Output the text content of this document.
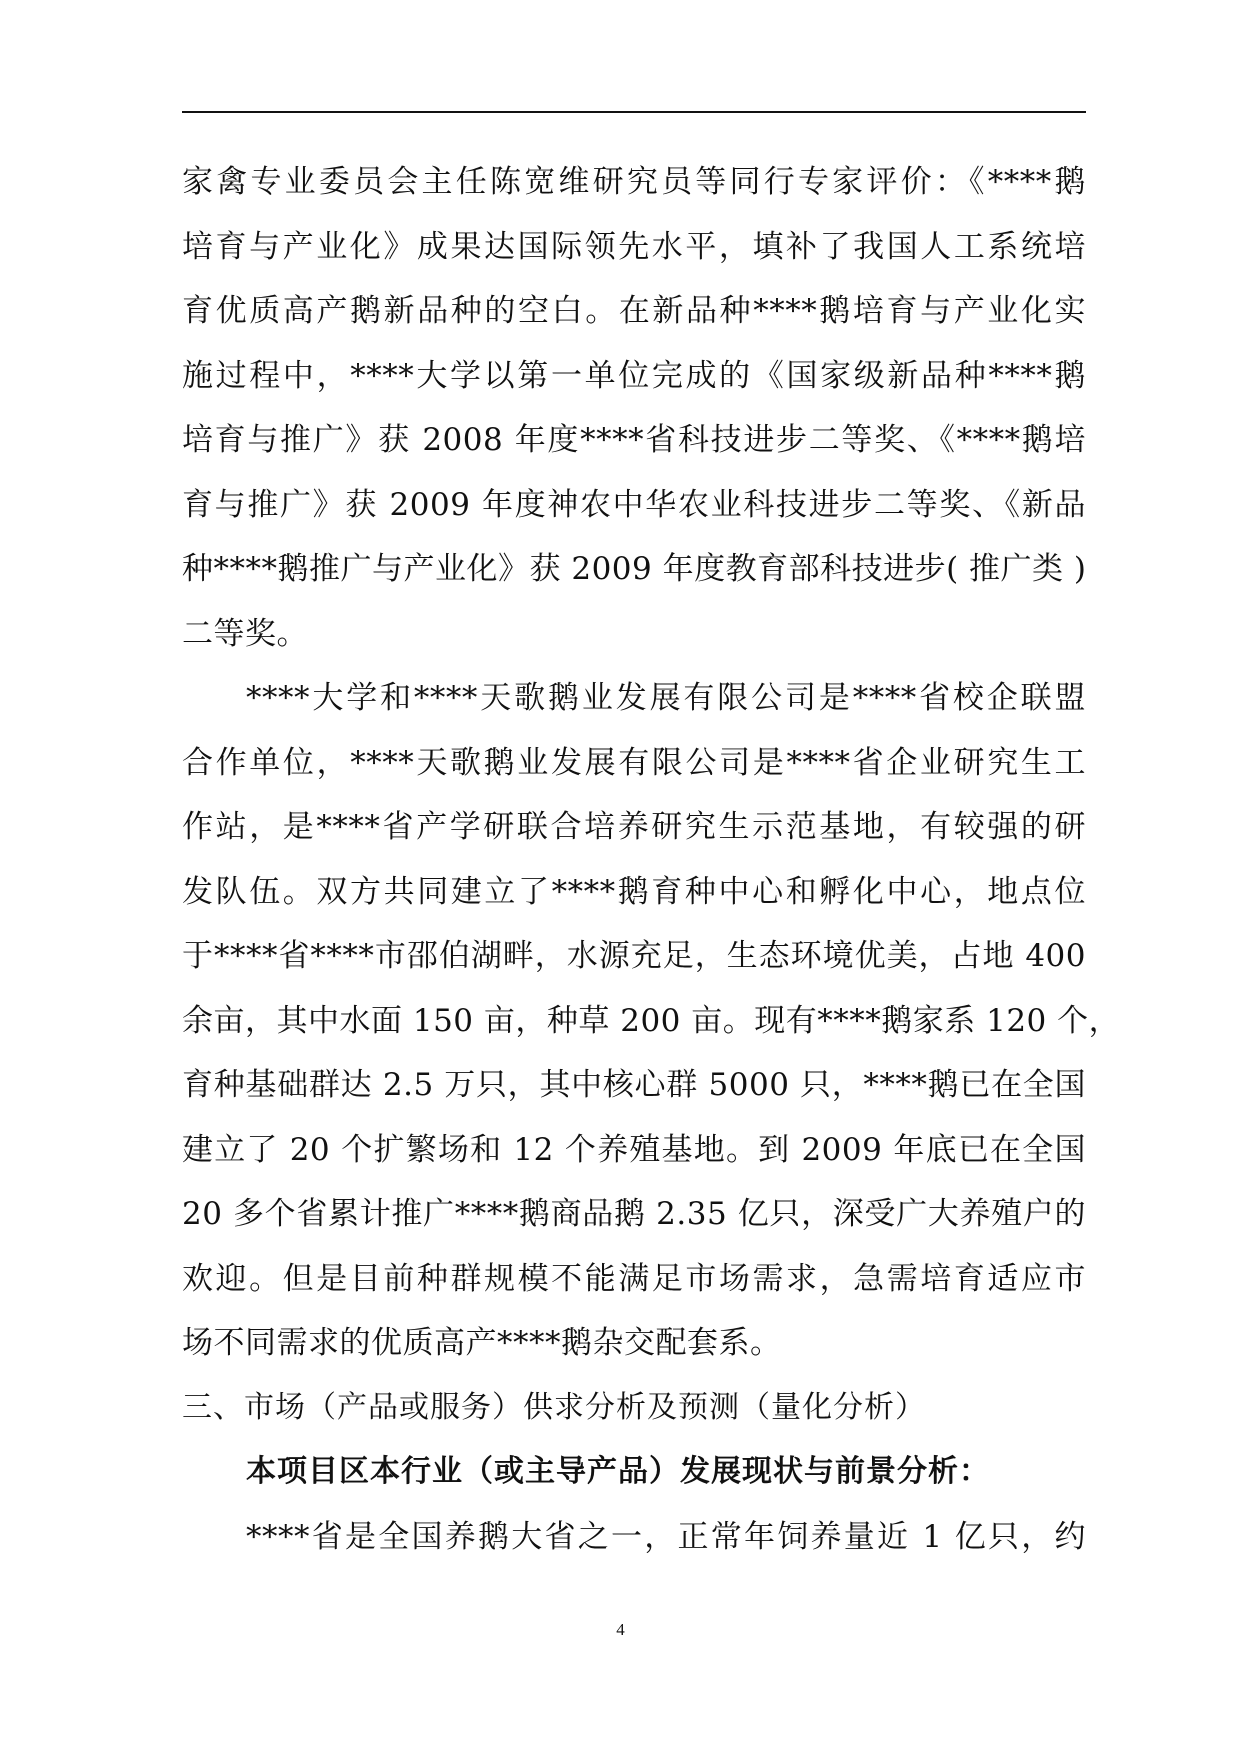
家禽专业委员会主任陈宽维研究员等同行专家评价：《****鹅
培育与产业化》成果达国际领先水平，填补了我国人工系统培
育优质高产鹅新品种的空白。在新品种****鹅培育与产业化实
施过程中，****大学以第一单位完成的《国家级新品种****鹅
培育与推广》获 2008 年度****省科技进步二等奖、《****鹅培
育与推广》获 2009 年度神农中华农业科技进步二等奖、《新品
种****鹅推广与产业化》获 2009 年度教育部科技进步( 推广类 )
二等奖。
****大学和****天歌鹅业发展有限公司是****省校企联盟
合作单位，****天歌鹅业发展有限公司是****省企业研究生工
作站，是****省产学研联合培养研究生示范基地，有较强的研
发队伍。双方共同建立了****鹅育种中心和孵化中心，地点位
于****省****市邵伯湖畔，水源充足，生态环境优美，占地 400
余亩，其中水面 150 亩，种草 200 亩。现有****鹅家系 120 个，
育种基础群达 2.5 万只，其中核心群 5000 只，****鹅已在全国
建立了 20 个扩繁场和 12 个养殖基地。到 2009 年底已在全国
20 多个省累计推广****鹅商品鹅 2.35 亿只，深受广大养殖户的
欢迎。但是目前种群规模不能满足市场需求，急需培育适应市
场不同需求的优质高产****鹅杂交配套系。
三、市场（产品或服务）供求分析及预测（量化分析）
本项目区本行业（或主导产品）发展现状与前景分析：
****省是全国养鹅大省之一，正常年饲养量近 1 亿只，约
4
